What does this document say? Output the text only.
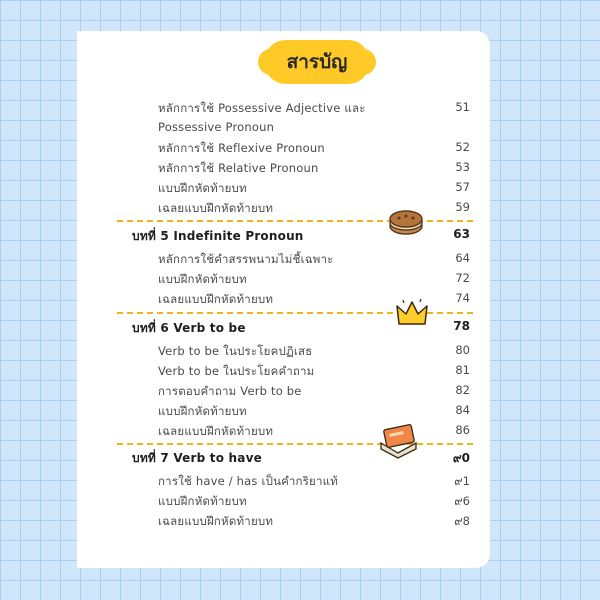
สารบัญ
หลักการใช้ Possessive Adjective และ	51
Possessive Pronoun
หลักการใช้ Reflexive Pronoun	52
หลักการใช้ Relative Pronoun	53
แบบฝึกหัดท้ายบท	57
เฉลยแบบฝึกหัดท้ายบท	59
บทที่ 5 Indefinite Pronoun	63
หลักการใช้คำสรรพนามไม่ชี้เฉพาะ	64
แบบฝึกหัดท้ายบท	72
เฉลยแบบฝึกหัดท้ายบท	74
บทที่ 6 Verb to be	78
Verb to be ในประโยคปฏิเสธ	80
Verb to be ในประโยคคำถาม	81
การตอบคำถาม Verb to be	82
แบบฝึกหัดท้ายบท	84
เฉลยแบบฝึกหัดท้ายบท	86
บทที่ 7 Verb to have	๙0
การใช้ have / has เป็นคำกริยาแท้	๙1
แบบฝึกหัดท้ายบท	๙6
เฉลยแบบฝึกหัดท้ายบท	๙8
